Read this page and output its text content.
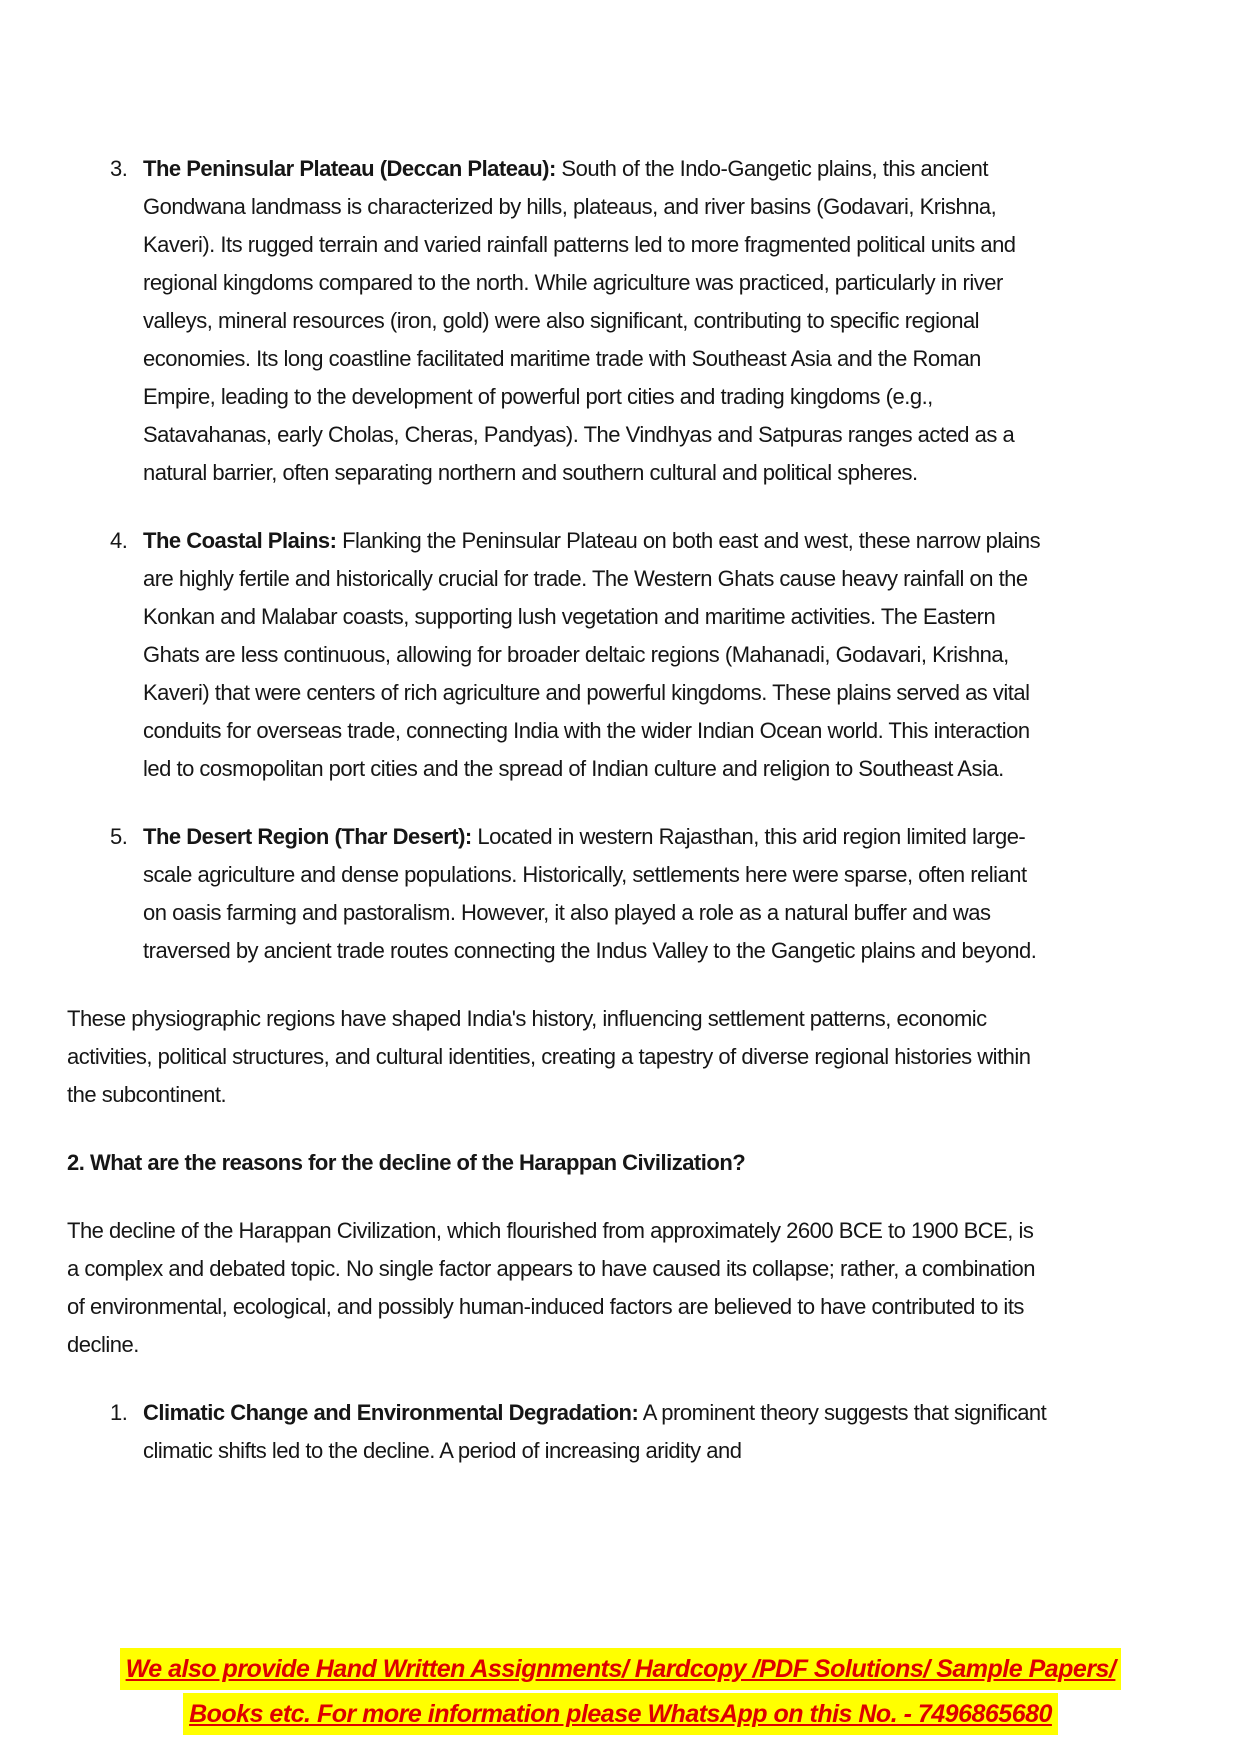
3. The Peninsular Plateau (Deccan Plateau): South of the Indo-Gangetic plains, this ancient Gondwana landmass is characterized by hills, plateaus, and river basins (Godavari, Krishna, Kaveri). Its rugged terrain and varied rainfall patterns led to more fragmented political units and regional kingdoms compared to the north. While agriculture was practiced, particularly in river valleys, mineral resources (iron, gold) were also significant, contributing to specific regional economies. Its long coastline facilitated maritime trade with Southeast Asia and the Roman Empire, leading to the development of powerful port cities and trading kingdoms (e.g., Satavahanas, early Cholas, Cheras, Pandyas). The Vindhyas and Satpuras ranges acted as a natural barrier, often separating northern and southern cultural and political spheres.
4. The Coastal Plains: Flanking the Peninsular Plateau on both east and west, these narrow plains are highly fertile and historically crucial for trade. The Western Ghats cause heavy rainfall on the Konkan and Malabar coasts, supporting lush vegetation and maritime activities. The Eastern Ghats are less continuous, allowing for broader deltaic regions (Mahanadi, Godavari, Krishna, Kaveri) that were centers of rich agriculture and powerful kingdoms. These plains served as vital conduits for overseas trade, connecting India with the wider Indian Ocean world. This interaction led to cosmopolitan port cities and the spread of Indian culture and religion to Southeast Asia.
5. The Desert Region (Thar Desert): Located in western Rajasthan, this arid region limited large-scale agriculture and dense populations. Historically, settlements here were sparse, often reliant on oasis farming and pastoralism. However, it also played a role as a natural buffer and was traversed by ancient trade routes connecting the Indus Valley to the Gangetic plains and beyond.

These physiographic regions have shaped India's history, influencing settlement patterns, economic activities, political structures, and cultural identities, creating a tapestry of diverse regional histories within the subcontinent.

2. What are the reasons for the decline of the Harappan Civilization?

The decline of the Harappan Civilization, which flourished from approximately 2600 BCE to 1900 BCE, is a complex and debated topic. No single factor appears to have caused its collapse; rather, a combination of environmental, ecological, and possibly human-induced factors are believed to have contributed to its decline.

1. Climatic Change and Environmental Degradation: A prominent theory suggests that significant climatic shifts led to the decline. A period of increasing aridity and
We also provide Hand Written Assignments/ Hardcopy /PDF Solutions/ Sample Papers/
Books etc. For more information please WhatsApp on this No. - 7496865680
